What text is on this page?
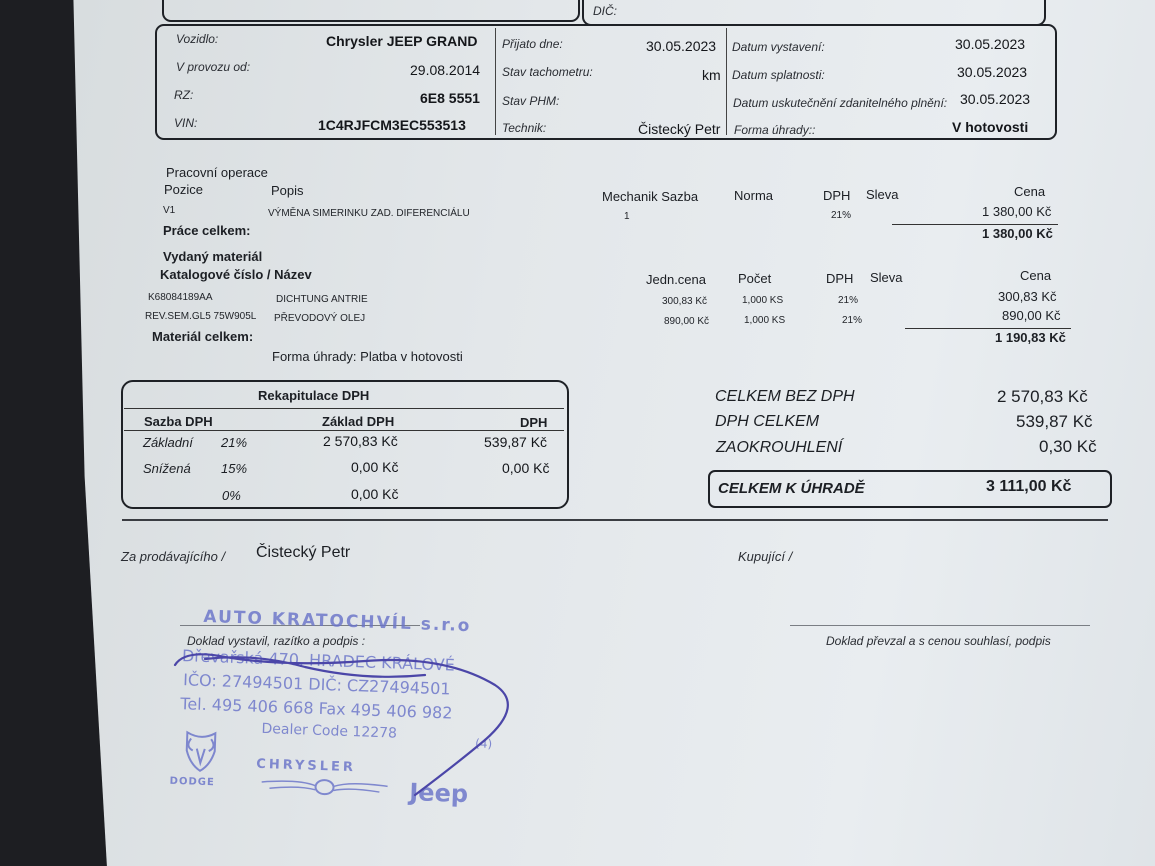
DIČ:
Vozidlo:	Chrysler JEEP GRAND
V provozu od:	29.08.2014
RZ:	6E8 5551
VIN:	1C4RJFCM3EC553513
Přijato dne:	30.05.2023
Stav tachometru:	km
Stav PHM:
Technik:	Čistecký Petr
Datum vystavení:	30.05.2023
Datum splatnosti:	30.05.2023
Datum uskutečnění zdanitelného plnění: 30.05.2023
Forma úhrady::	V hotovosti
Pracovní operace
Pozice	Popis	Mechanik Sazba	Norma	DPH Sleva	Cena
V1	VÝMĚNA SIMERINKU ZAD. DIFERENCIÁLU	1	21%	1 380,00 Kč
Práce celkem:	1 380,00 Kč
Vydaný materiál
Katalogové číslo / Název	Jedn.cena Počet	DPH Sleva	Cena
K68084189AA	DICHTUNG ANTRIE	300,83 Kč	1,000 KS	21%	300,83 Kč
REV.SEM.GL5 75W905L PŘEVODOVÝ OLEJ	890,00 Kč	1,000 KS	21%	890,00 Kč
Materiál celkem:	1 190,83 Kč
Forma úhrady: Platba v hotovosti
Rekapitulace DPH
Sazba DPH	Základ DPH	DPH
Základní 21%	2 570,83 Kč	539,87 Kč
Snížená 15%	0,00 Kč	0,00 Kč
0%	0,00 Kč
CELKEM BEZ DPH	2 570,83 Kč
DPH CELKEM	539,87 Kč
ZAOKROUHLENÍ	0,30 Kč
CELKEM K ÚHRADĚ	3 111,00 Kč
Za prodávajícího / Čistecký Petr	Kupující /
Doklad vystavil, razítko a podpis :	Doklad převzal a s cenou souhlasí, podpis
AUTO KRATOCHVÍL s.r.o
Dřevařská 470, HRADEC KRÁLOVÉ
IČO: 27494501 DIČ: CZ27494501
Tel. 495 406 668 Fax 495 406 982
Dealer Code 12278
(4)
DODGE
CHRYSLER
Jeep
